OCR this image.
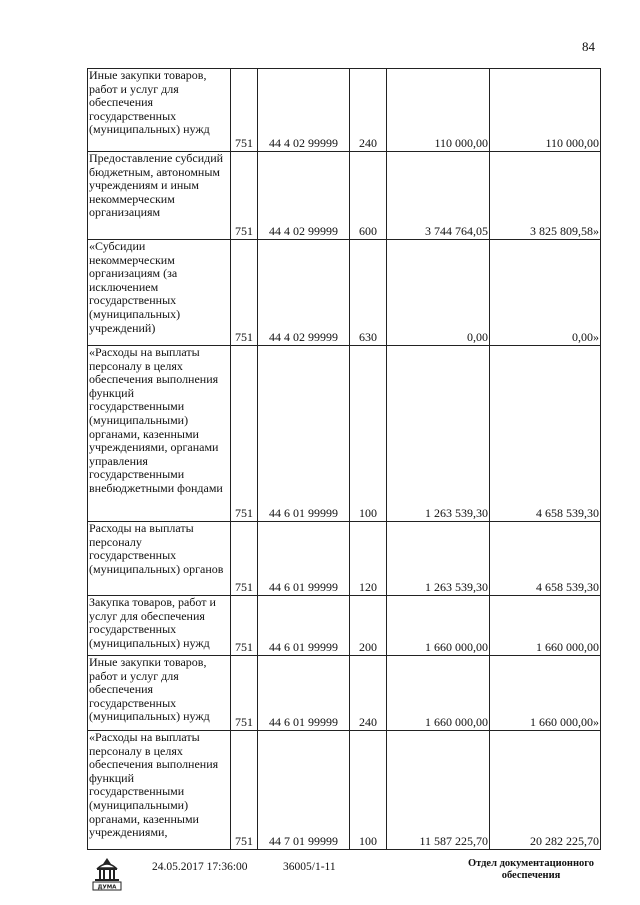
84
Иные закупки товаров, работ и услуг для обеспечения государственных (муниципальных) нужд	751	44 4 02 99999	240	110 000,00	110 000,00
Предоставление субсидий бюджетным, автономным учреждениям и иным некоммерческим организациям	751	44 4 02 99999	600	3 744 764,05	3 825 809,58»
«Субсидии некоммерческим организациям (за исключением государственных (муниципальных) учреждений)	751	44 4 02 99999	630	0,00	0,00»
«Расходы на выплаты персоналу в целях обеспечения выполнения функций государственными (муниципальными) органами, казенными учреждениями, органами управления государственными внебюджетными фондами	751	44 6 01 99999	100	1 263 539,30	4 658 539,30
Расходы на выплаты персоналу государственных (муниципальных) органов	751	44 6 01 99999	120	1 263 539,30	4 658 539,30
Закупка товаров, работ и услуг для обеспечения государственных (муниципальных) нужд	751	44 6 01 99999	200	1 660 000,00	1 660 000,00
Иные закупки товаров, работ и услуг для обеспечения государственных (муниципальных) нужд	751	44 6 01 99999	240	1 660 000,00	1 660 000,00»
«Расходы на выплаты персоналу в целях обеспечения выполнения функций государственными (муниципальными) органами, казенными учреждениями,	751	44 7 01 99999	100	11 587 225,70	20 282 225,70
ДУМА
24.05.2017 17:36:00	36005/1-11	Отдел документационного
обеспечения
